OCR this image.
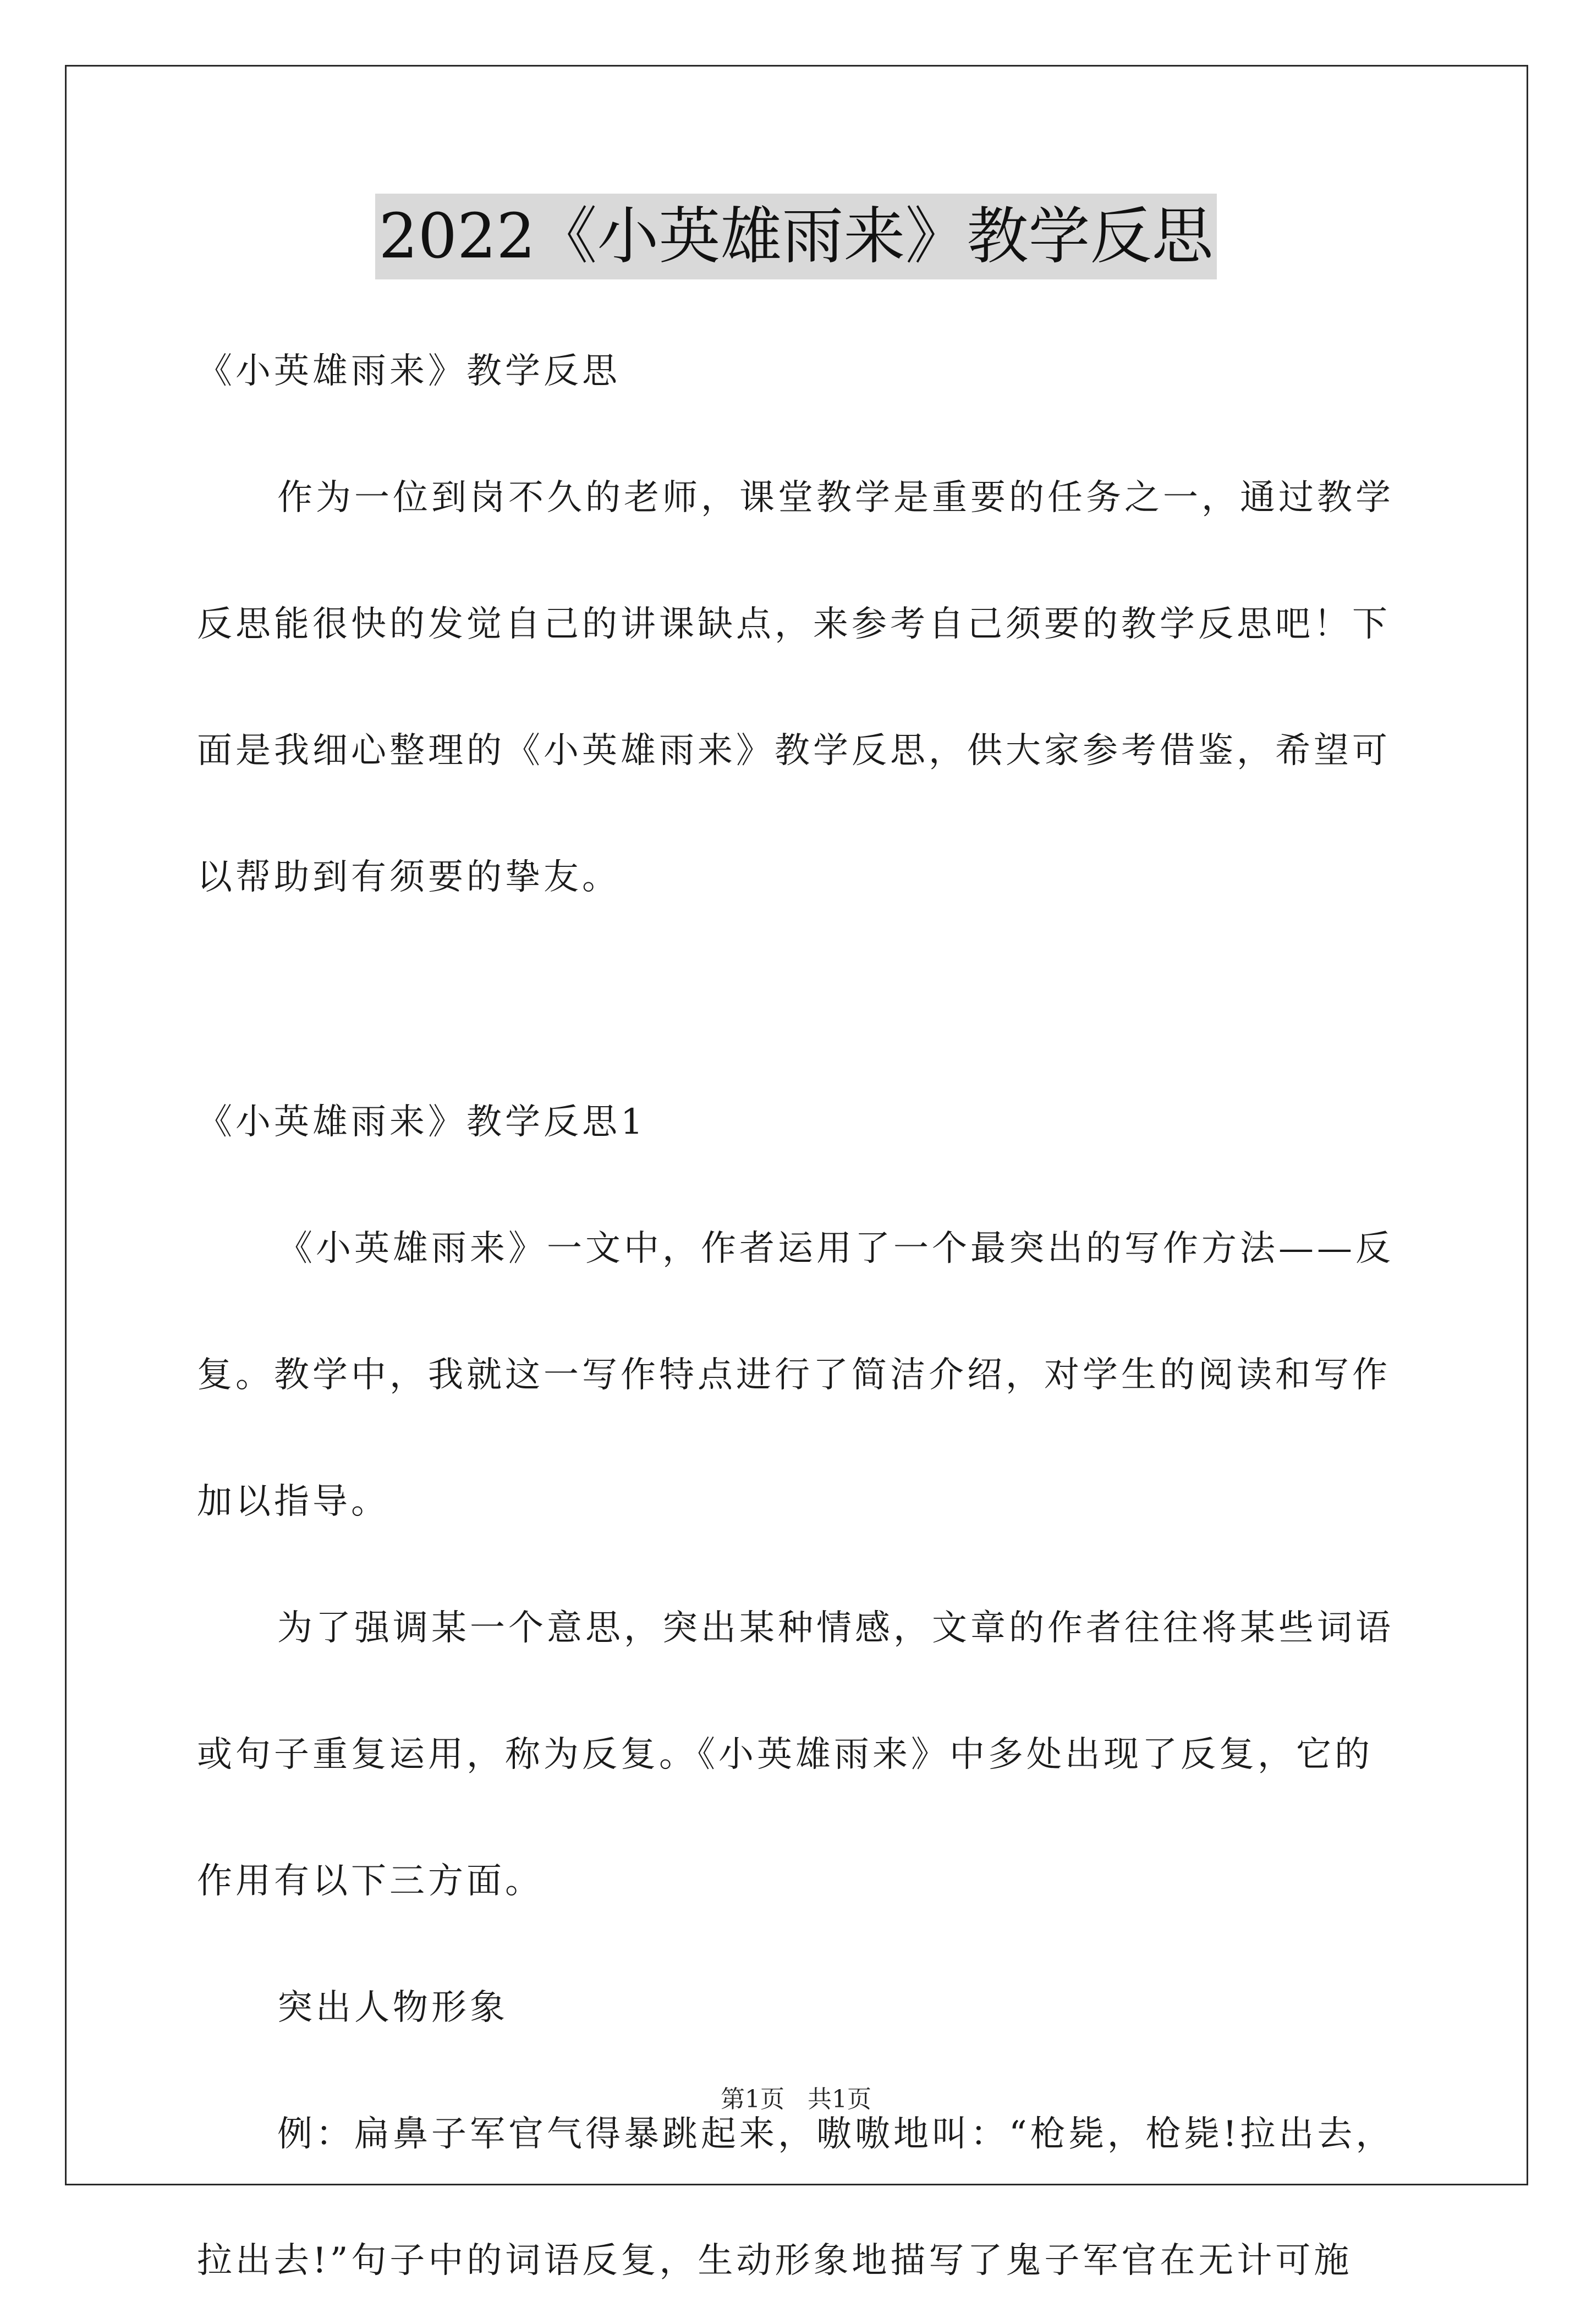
2022《小英雄雨来》教学反思

《小英雄雨来》教学反思

作为一位到岗不久的老师，课堂教学是重要的任务之一，通过教学反思能很快的发觉自己的讲课缺点，来参考自己须要的教学反思吧！下面是我细心整理的《小英雄雨来》教学反思，供大家参考借鉴，希望可以帮助到有须要的挚友。

《小英雄雨来》教学反思1

《小英雄雨来》一文中，作者运用了一个最突出的写作方法——反复。教学中，我就这一写作特点进行了简洁介绍，对学生的阅读和写作加以指导。

为了强调某一个意思，突出某种情感，文章的作者往往将某些词语或句子重复运用，称为反复。《小英雄雨来》中多处出现了反复，它的作用有以下三方面。

突出人物形象

例：扁鼻子军官气得暴跳起来，嗷嗷地叫：“枪毙，枪毙!拉出去，拉出去!”句子中的词语反复，生动形象地描写了鬼子军官在无计可施

第1页 共1页
